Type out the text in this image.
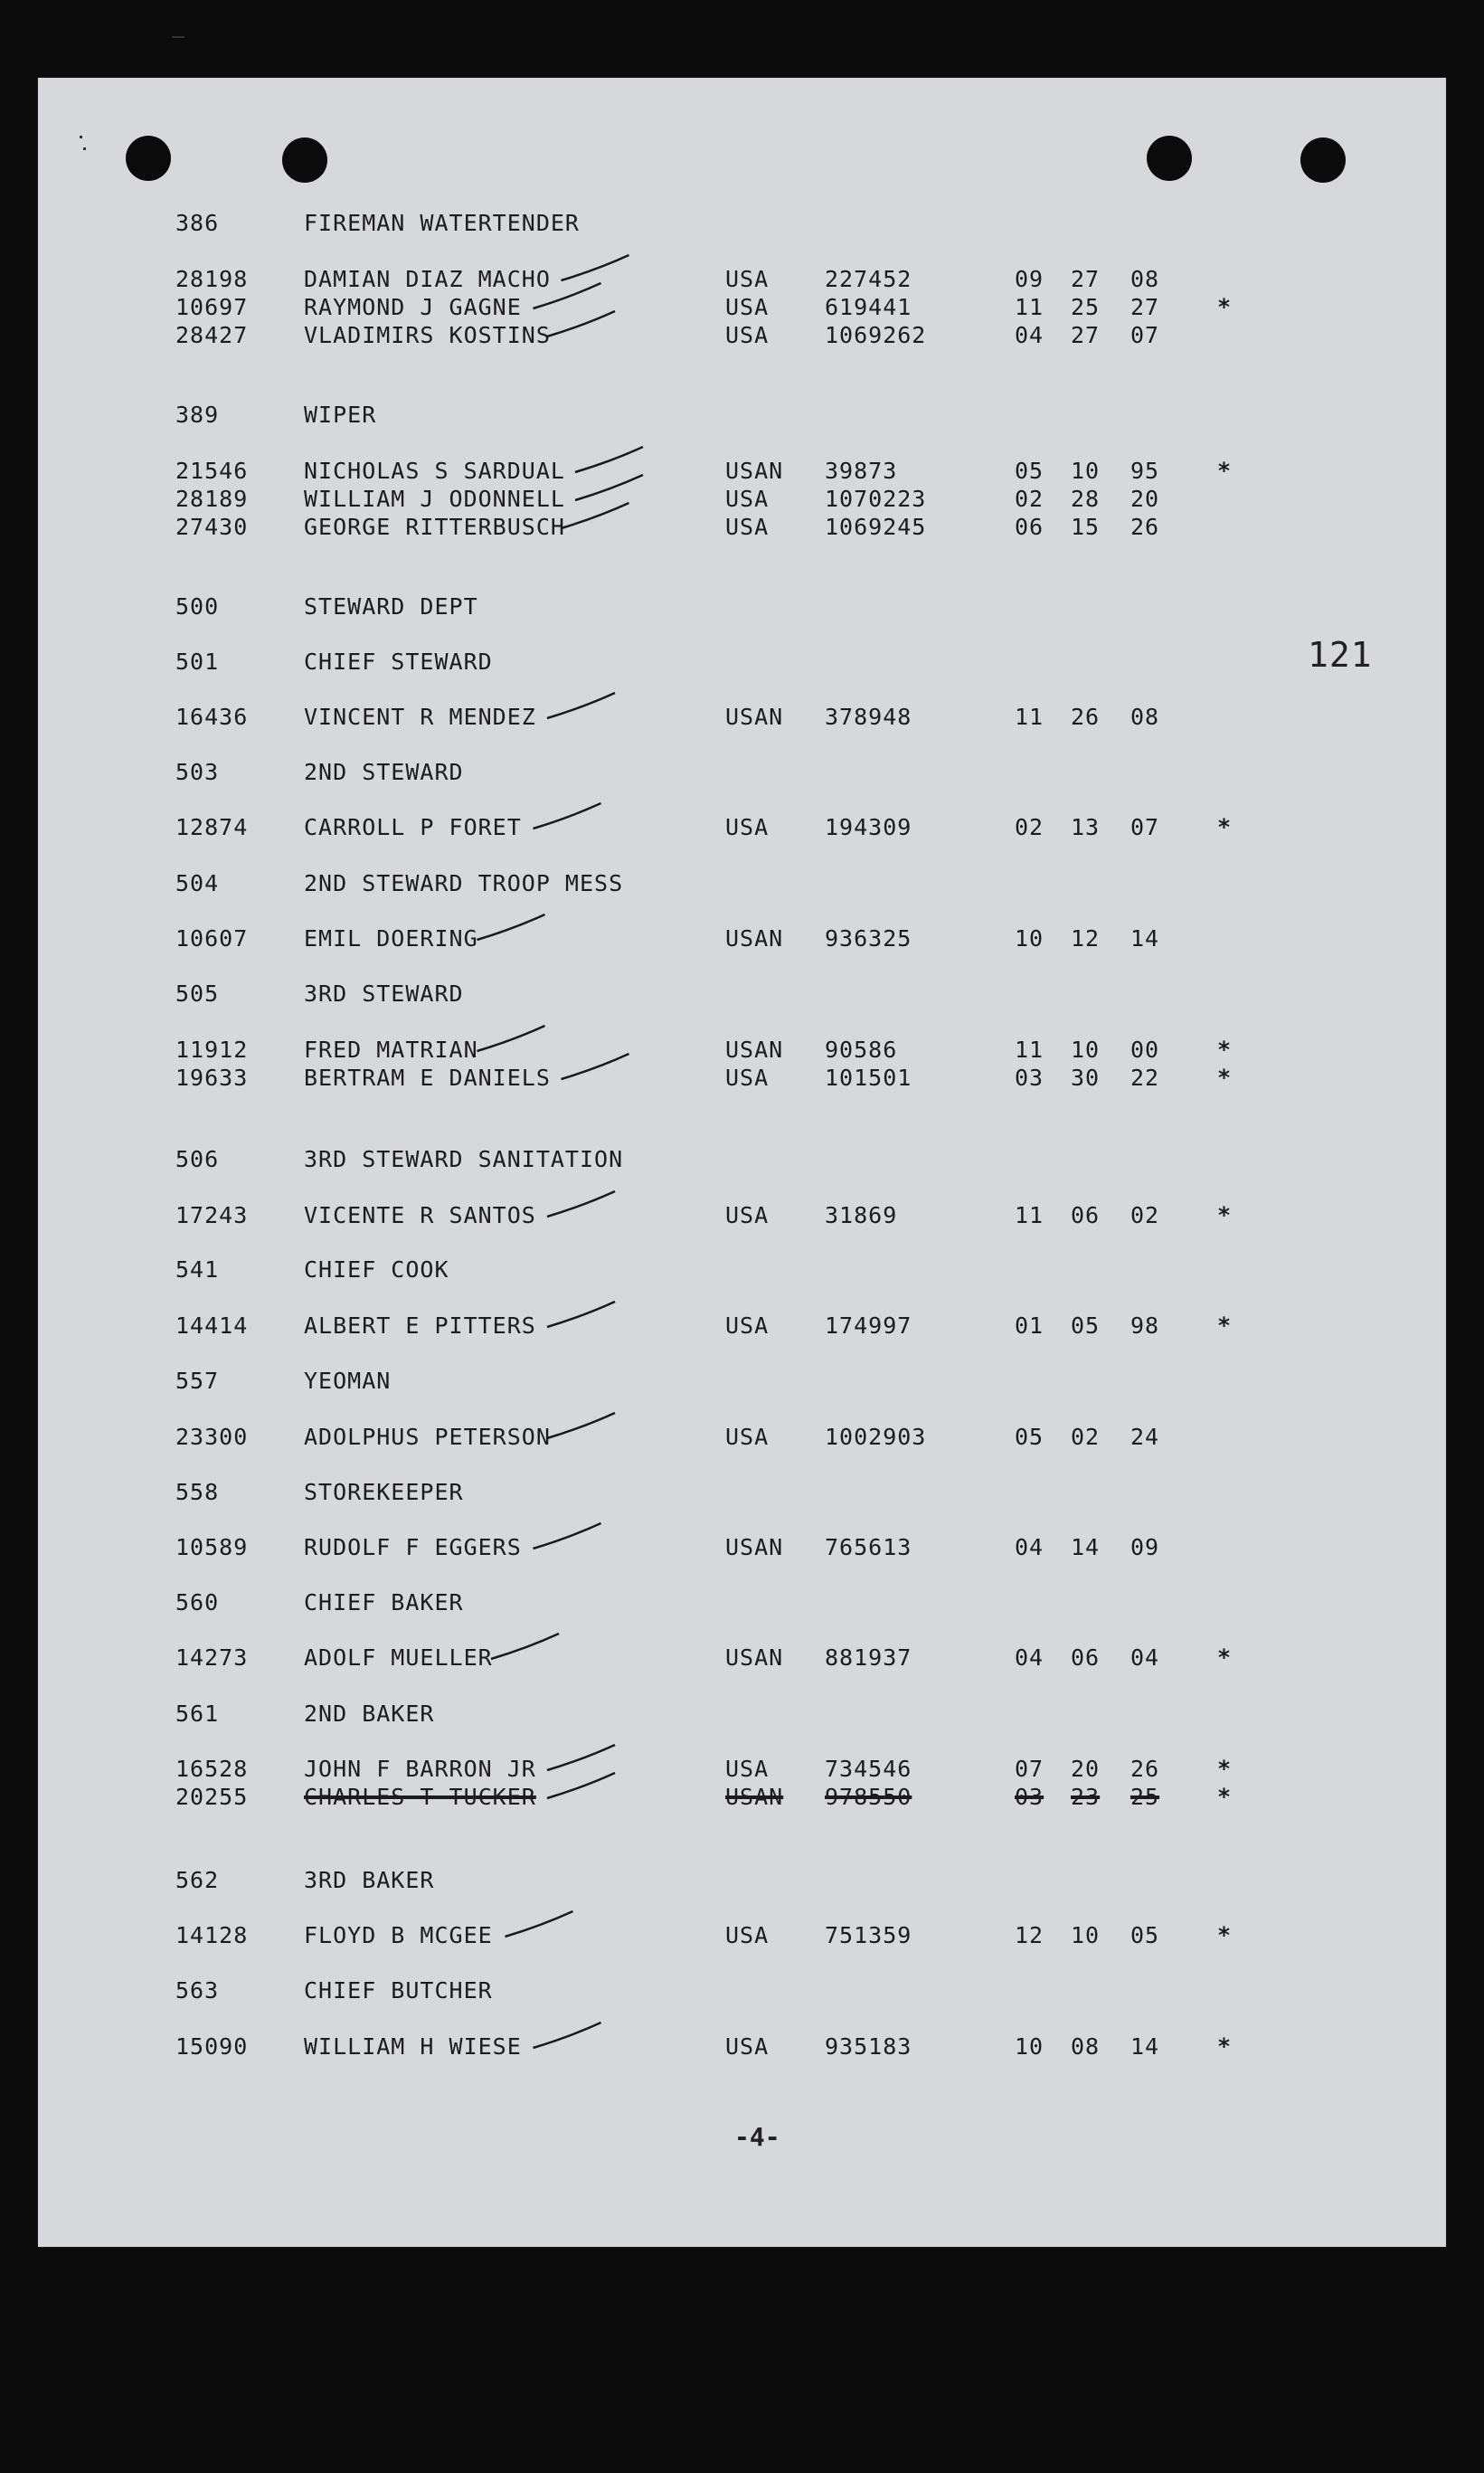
121
386	FIREMAN WATERTENDER
28198 DAMIAN DIAZ MACHO	USA 227452	09 27 08
10697 RAYMOND J GAGNE	USA 619441	11 25 27	*
28427 VLADIMIRS KOSTINS	USA 1069262	04 27 07
389	WIPER
21546 NICHOLAS S SARDUAL	USAN 39873	05 10 95	*
28189 WILLIAM J ODONNELL	USA 1070223	02 28 20
27430 GEORGE RITTERBUSCH	USA 1069245	06 15 26
500	STEWARD DEPT
501	CHIEF STEWARD
16436 VINCENT R MENDEZ	USAN 378948	11 26 08
503	2ND STEWARD
12874 CARROLL P FORET	USA 194309	02 13 07	*
504	2ND STEWARD TROOP MESS
10607 EMIL DOERING	USAN 936325	10 12 14
505	3RD STEWARD
11912 FRED MATRIAN	USAN 90586	11 10 00	*
19633 BERTRAM E DANIELS	USA 101501	03 30 22	*
506	3RD STEWARD SANITATION
17243 VICENTE R SANTOS	USA 31869	11 06 02	*
541	CHIEF COOK
14414 ALBERT E PITTERS	USA 174997	01 05 98	*
557	YEOMAN
23300 ADOLPHUS PETERSON	USA 1002903	05 02 24
558	STOREKEEPER
10589 RUDOLF F EGGERS	USAN 765613	04 14 09
560	CHIEF BAKER
14273 ADOLF MUELLER	USAN 881937	04 06 04	*
561	2ND BAKER
16528 JOHN F BARRON JR	USA 734546	07 20 26	*
20255 CHARLES T TUCKER	USAN 978550	03 23 25	*
562	3RD BAKER
14128 FLOYD B MCGEE	USA 751359	12 10 05	*
563	CHIEF BUTCHER
15090 WILLIAM H WIESE	USA 935183	10 08 14	*
-4-
